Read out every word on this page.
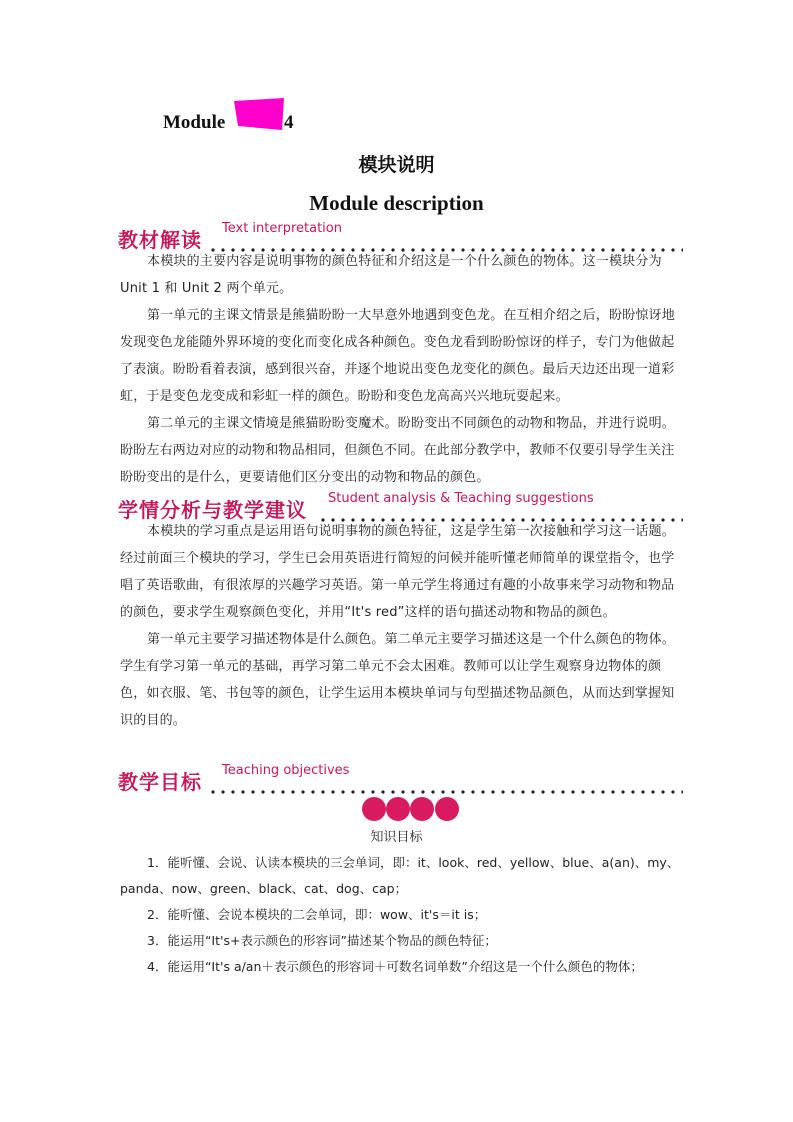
Module	4
模块说明
Module description
教材解读 Text interpretation

本模块的主要内容是说明事物的颜色特征和介绍这是一个什么颜色的物体。这一模块分为 Unit 1 和 Unit 2 两个单元。

第一单元的主课文情景是熊猫盼盼一大早意外地遇到变色龙。在互相介绍之后，盼盼惊讶地发现变色龙能随外界环境的变化而变化成各种颜色。变色龙看到盼盼惊讶的样子，专门为他做起了表演。盼盼看着表演，感到很兴奋，并逐个地说出变色龙变化的颜色。最后天边还出现一道彩虹，于是变色龙变成和彩虹一样的颜色。盼盼和变色龙高高兴兴地玩耍起来。

第二单元的主课文情境是熊猫盼盼变魔术。盼盼变出不同颜色的动物和物品，并进行说明。盼盼左右两边对应的动物和物品相同，但颜色不同。在此部分教学中，教师不仅要引导学生关注盼盼变出的是什么，更要请他们区分变出的动物和物品的颜色。

学情分析与教学建议 Student analysis & Teaching suggestions

本模块的学习重点是运用语句说明事物的颜色特征，这是学生第一次接触和学习这一话题。经过前面三个模块的学习，学生已会用英语进行简短的问候并能听懂老师简单的课堂指令，也学唱了英语歌曲，有很浓厚的兴趣学习英语。第一单元学生将通过有趣的小故事来学习动物和物品的颜色，要求学生观察颜色变化，并用“It's red”这样的语句描述动物和物品的颜色。

第一单元主要学习描述物体是什么颜色。第二单元主要学习描述这是一个什么颜色的物体。学生有学习第一单元的基础，再学习第二单元不会太困难。教师可以让学生观察身边物体的颜色，如衣服、笔、书包等的颜色，让学生运用本模块单词与句型描述物品颜色，从而达到掌握知识的目的。

教学目标 Teaching objectives
知识目标

1．能听懂、会说、认读本模块的三会单词，即：it、look、red、yellow、blue、a(an)、my、panda、now、green、black、cat、dog、cap；

2．能听懂、会说本模块的二会单词，即：wow、it's＝it is；

3．能运用“It's+表示颜色的形容词”描述某个物品的颜色特征；

4．能运用“It's a/an＋表示颜色的形容词＋可数名词单数”介绍这是一个什么颜色的物体；
